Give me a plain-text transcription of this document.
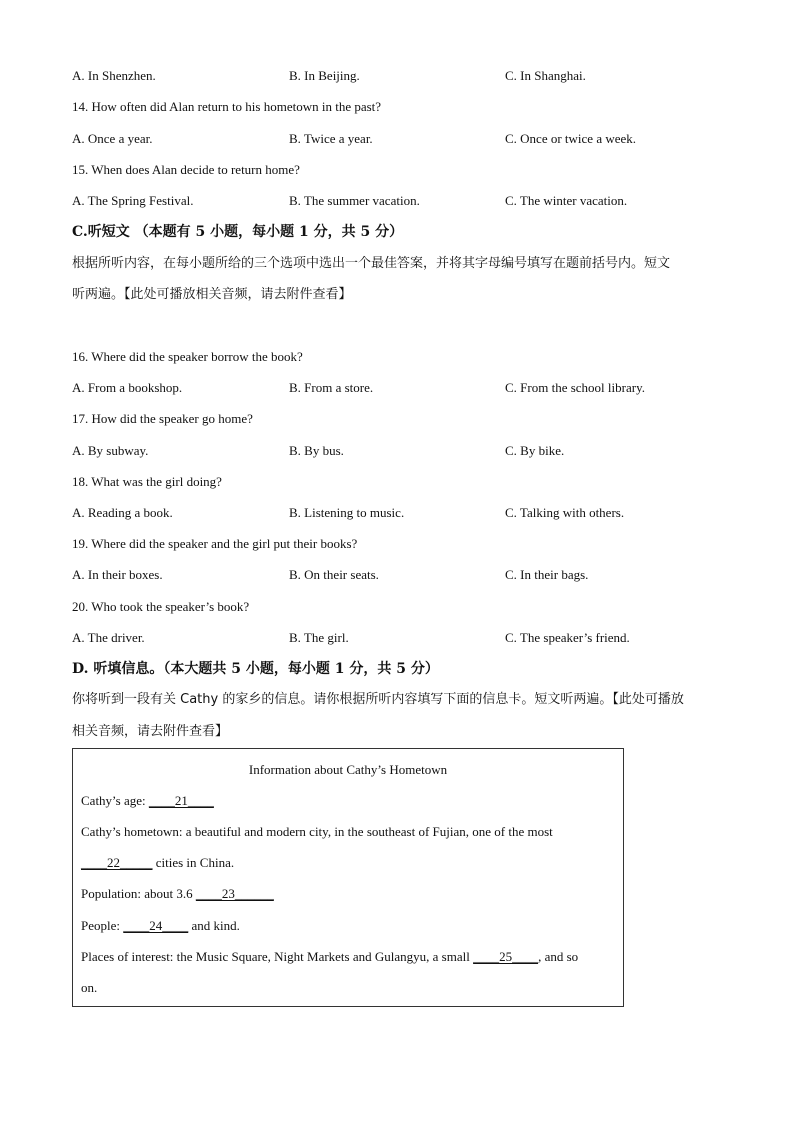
A. In Shenzhen.	B. In Beijing.	C. In Shanghai.
14. How often did Alan return to his hometown in the past?
A. Once a year.	B. Twice a year.	C. Once or twice a week.
15. When does Alan decide to return home?
A. The Spring Festival.	B. The summer vacation.	C. The winter vacation.
C.听短文 （本题有 5 小题，每小题 1 分，共 5 分）
根据所听内容，在每小题所给的三个选项中选出一个最佳答案，并将其字母编号填写在题前括号内。短文
听两遍。【此处可播放相关音频，请去附件查看】
16. Where did the speaker borrow the book?
A. From a bookshop.	B. From a store.	C. From the school library.
17. How did the speaker go home?
A. By subway.	B. By bus.	C. By bike.
18. What was the girl doing?
A. Reading a book.	B. Listening to music.	C. Talking with others.
19. Where did the speaker and the girl put their books?
A. In their boxes.	B. On their seats.	C. In their bags.
20. Who took the speaker’s book?
A. The driver.	B. The girl.	C. The speaker’s friend.
D. 听填信息。（本大题共 5 小题，每小题 1 分，共 5 分）
你将听到一段有关 Cathy 的家乡的信息。请你根据所听内容填写下面的信息卡。短文听两遍。【此处可播放
相关音频，请去附件查看】
Information about Cathy’s Hometown
Cathy’s age: ____21____
Cathy’s hometown: a beautiful and modern city, in the southeast of Fujian, one of the most
____22_____ cities in China.
Population: about 3.6 ____23______
People: ____24____ and kind.
Places of interest: the Music Square, Night Markets and Gulangyu, a small ____25____, and so
on.
